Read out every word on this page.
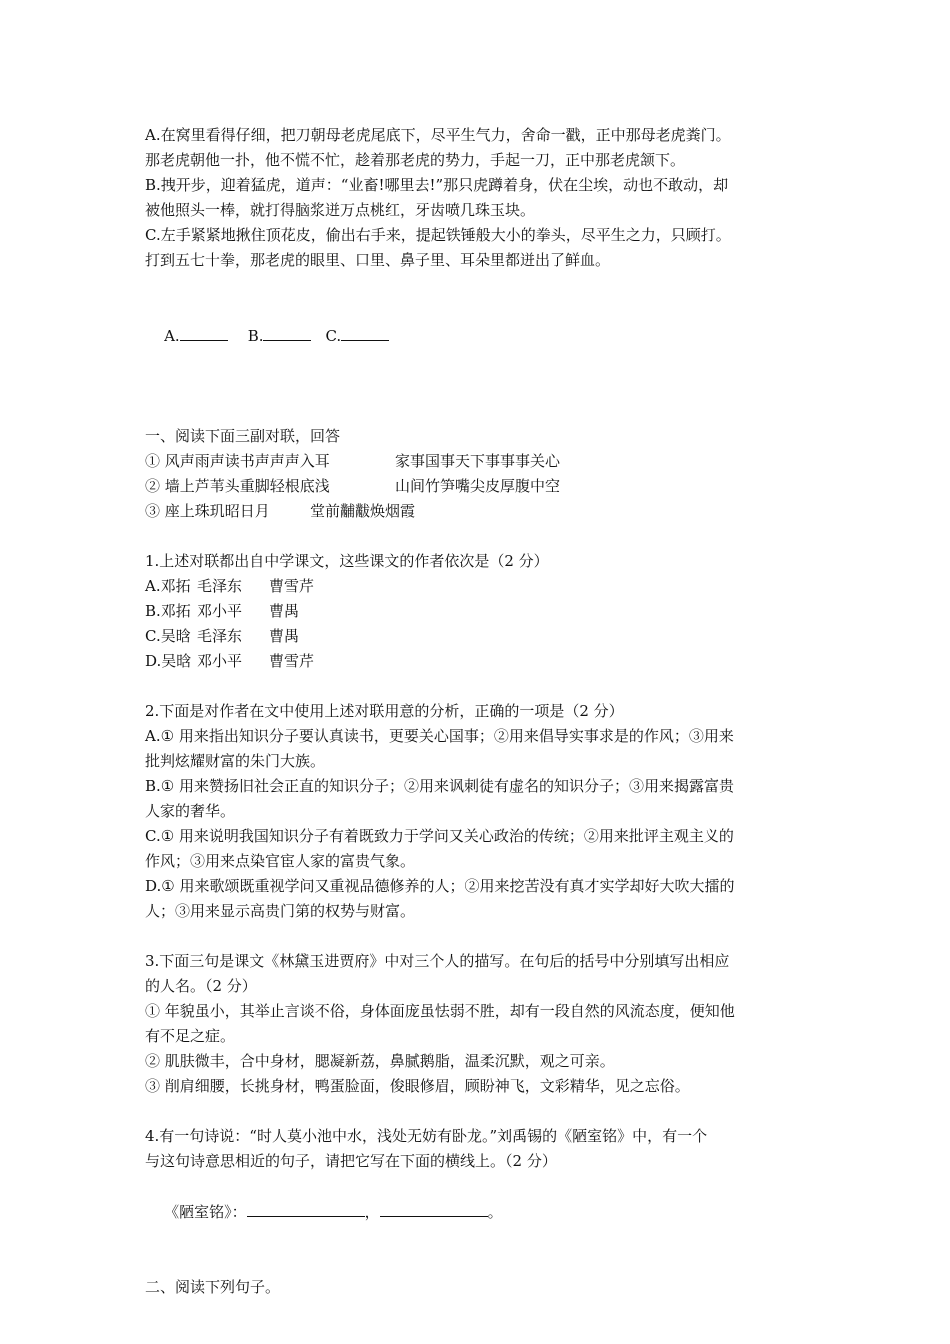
A.在窝里看得仔细，把刀朝母老虎尾底下，尽平生气力，舍命一戳，正中那母老虎粪门。

那老虎朝他一扑，他不慌不忙，趁着那老虎的势力，手起一刀，正中那老虎颔下。

B.拽开步，迎着猛虎，道声：“业畜!哪里去!”那只虎蹲着身，伏在尘埃，动也不敢动，却

被他照头一棒，就打得脑浆迸万点桃红，牙齿喷几珠玉块。

C.左手紧紧地揪住顶花皮，偷出右手来，提起铁锤般大小的拳头，尽平生之力，只顾打。

打到五七十拳，那老虎的眼里、口里、鼻子里、耳朵里都迸出了鲜血。

A.	B.	C.

一、阅读下面三副对联，回答

① 风声雨声读书声声声入耳	家事国事天下事事事关心
② 墙上芦苇头重脚轻根底浅	山间竹笋嘴尖皮厚腹中空
③ 座上珠玑昭日月	堂前黼黻焕烟霞

1.上述对联都出自中学课文，这些课文的作者依次是（2 分）

A.邓拓 毛泽东	曹雪芹
B.邓拓 邓小平	曹禺
C.吴晗 毛泽东	曹禺
D.吴晗 邓小平	曹雪芹

2.下面是对作者在文中使用上述对联用意的分析，正确的一项是（2 分）

A.① 用来指出知识分子要认真读书，更要关心国事；②用来倡导实事求是的作风；③用来

批判炫耀财富的朱门大族。

B.① 用来赞扬旧社会正直的知识分子；②用来讽刺徒有虚名的知识分子；③用来揭露富贵

人家的奢华。

C.① 用来说明我国知识分子有着既致力于学问又关心政治的传统；②用来批评主观主义的

作风；③用来点染官宦人家的富贵气象。

D.① 用来歌颂既重视学问又重视品德修养的人；②用来挖苦没有真才实学却好大吹大擂的

人；③用来显示高贵门第的权势与财富。

3.下面三句是课文《林黛玉进贾府》中对三个人的描写。在句后的括号中分别填写出相应

的人名。（2 分）

① 年貌虽小，其举止言谈不俗，身体面庞虽怯弱不胜，却有一段自然的风流态度，便知他

有不足之症。

② 肌肤微丰，合中身材，腮凝新荔，鼻腻鹅脂，温柔沉默，观之可亲。

③ 削肩细腰，长挑身材，鸭蛋脸面，俊眼修眉，顾盼神飞，文彩精华，见之忘俗。

4.有一句诗说：“时人莫小池中水，浅处无妨有卧龙。”刘禹锡的《陋室铭》中，有一个

与这句诗意思相近的句子，请把它写在下面的横线上。（2 分）

《陋室铭》：	，	。

二、阅读下列句子。
